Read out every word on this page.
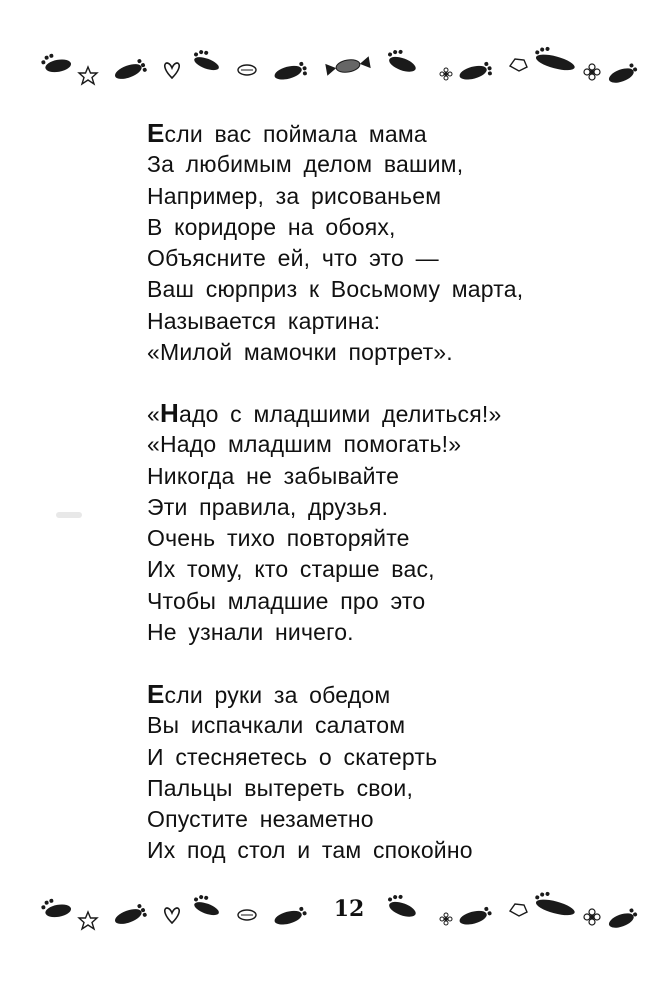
Если вас поймала мама
За любимым делом вашим,
Например, за рисованьем
В коридоре на обоях,
Объясните ей, что это —
Ваш сюрприз к Восьмому марта,
Называется картина:
«Милой мамочки портрет».
«Надо с младшими делиться!»
«Надо младшим помогать!»
Никогда не забывайте
Эти правила, друзья.
Очень тихо повторяйте
Их тому, кто старше вас,
Чтобы младшие про это
Не узнали ничего.
Если руки за обедом
Вы испачкали салатом
И стесняетесь о скатерть
Пальцы вытереть свои,
Опустите незаметно
Их под стол и там спокойно
12
